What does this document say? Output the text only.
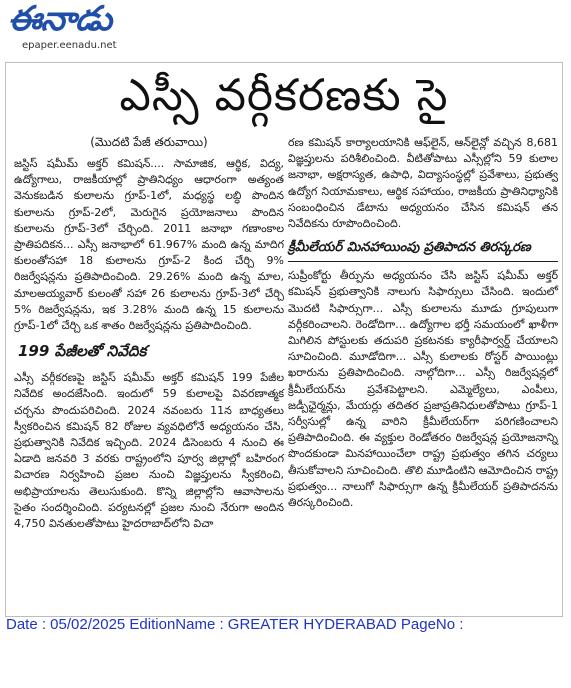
ఈనాడు
epaper.eenadu.net
ఎస్సీ వర్గీకరణకు సై
(మొదటి పేజీ తరువాయి)

జస్టిస్ షమీమ్ అక్తర్ కమిషన్.... సామాజిక, ఆర్థిక, విద్య, ఉద్యోగాలు, రాజకీయాల్లో ప్రాతినిధ్యం ఆధారంగా అత్యంత వెనుకబడిన కులాలను గ్రూప్-1లో, మధ్యస్థ లబ్ధి పొందిన కులాలను గ్రూప్-2లో, మెరుగైన ప్రయోజనాలు పొందిన కులాలను గ్రూప్-3లో చేర్చింది. 2011 జనాభా గణాంకాల ప్రాతిపదికన... ఎస్సీ జనాభాలో 61.967% మంది ఉన్న మాదిగ కులంతోసహా 18 కులాలను గ్రూప్-2 కింద చేర్చి 9% రిజర్వేషన్లను ప్రతిపాదించింది. 29.26% మంది ఉన్న మాల, మాలఅయ్యవార్ కులంతో సహా 26 కులాలను గ్రూప్-3లో చేర్చి 5% రిజర్వేషన్లను, ఇక 3.28% మంది ఉన్న 15 కులాలను గ్రూప్-1లో చేర్చి ఒక శాతం రిజర్వేషన్లను ప్రతిపాదించింది.

199 పేజీలతో నివేదిక

ఎస్సీ వర్గీకరణపై జస్టిస్ షమీమ్ అక్తర్ కమిషన్ 199 పేజీల నివేదిక అందజేసింది. ఇందులో 59 కులాలపై వివరణాత్మక చర్చను పొందుపరిచింది. 2024 నవంబరు 11న బాధ్యతలు స్వీకరించిన కమిషన్ 82 రోజుల వ్యవధిలోనే అధ్యయనం చేసి, ప్రభుత్వానికి నివేదిక ఇచ్చింది. 2024 డిసెంబరు 4 నుంచి ఈ ఏడాది జనవరి 3 వరకు రాష్ట్రంలోని పూర్వ జిల్లాల్లో బహిరంగ విచారణ నిర్వహించి ప్రజల నుంచి విజ్ఞప్తులను స్వీకరించి, అభిప్రాయాలను తెలుసుకుంది. కొన్ని జిల్లాల్లోని ఆవాసాలను సైతం సందర్శించింది. పర్యటనల్లో ప్రజల నుంచి నేరుగా అందిన 4,750 వినతులతోపాటు హైదరాబాద్‌లోని విచా

రణ కమిషన్ కార్యాలయానికి ఆఫ్‌లైన్, ఆన్‌లైన్లో వచ్చిన 8,681 విజ్ఞప్తులను పరిశీలించింది. వీటితోపాటు ఎస్సీల్లోని 59 కులాల జనాభా, అక్షరాస్యత, ఉపాధి, విద్యాసంస్థల్లో ప్రవేశాలు, ప్రభుత్వ ఉద్యోగ నియామకాలు, ఆర్థిక సహాయం, రాజకీయ ప్రాతినిధ్యానికి సంబంధించిన డేటాను అధ్యయనం చేసిన కమిషన్ తన నివేదికను రూపొందించింది.

క్రీమీలేయర్ మినహాయింపు ప్రతిపాదన తిరస్కరణ

సుప్రీంకోర్టు తీర్పును అధ్యయనం చేసి జస్టిస్ షమీమ్ అక్తర్ కమిషన్ ప్రభుత్వానికి నాలుగు సిఫార్సులు చేసింది. ఇందులో మొదటి సిఫార్సుగా... ఎస్సీ కులాలను మూడు గ్రూపులుగా వర్గీకరించాలని. రెండోదిగా... ఉద్యోగాల భర్తీ సమయంలో ఖాళీగా మిగిలిన పోస్టులకు తదుపరి ప్రకటనకు క్యారీఫార్వర్డ్ చేయాలని సూచించింది. మూడోదిగా... ఎస్సీ కులాలకు రోస్టర్ పాయింట్లు ఖరారును ప్రతిపాదించింది. నాల్గోదిగా... ఎస్సీ రిజర్వేషన్లలో క్రీమీలేయర్‌ను ప్రవేశపెట్టాలని. ఎమ్మెల్యేలు, ఎంపీలు, జడ్పీఛైర్మన్లు, మేయర్లు తదితర ప్రజాప్రతినిధులతోపాటు గ్రూప్-1 సర్వీసుల్లో ఉన్న వారిని క్రీమీలేయర్‌గా పరిగణించాలని ప్రతిపాదించింది. ఈ వ్యక్తుల రెండోతరం రిజర్వేషన్ల ప్రయోజనాన్ని పొందకుండా మినహాయించేలా రాష్ట్ర ప్రభుత్వం తగిన చర్యలు తీసుకోవాలని సూచించింది. తొలి మూడింటిని ఆమోదించిన రాష్ట్ర ప్రభుత్వం... నాలుగో సిఫార్సుగా ఉన్న క్రీమీలేయర్ ప్రతిపాదనను తిరస్కరించింది.

Date : 05/02/2025 EditionName : GREATER HYDERABAD PageNo :
